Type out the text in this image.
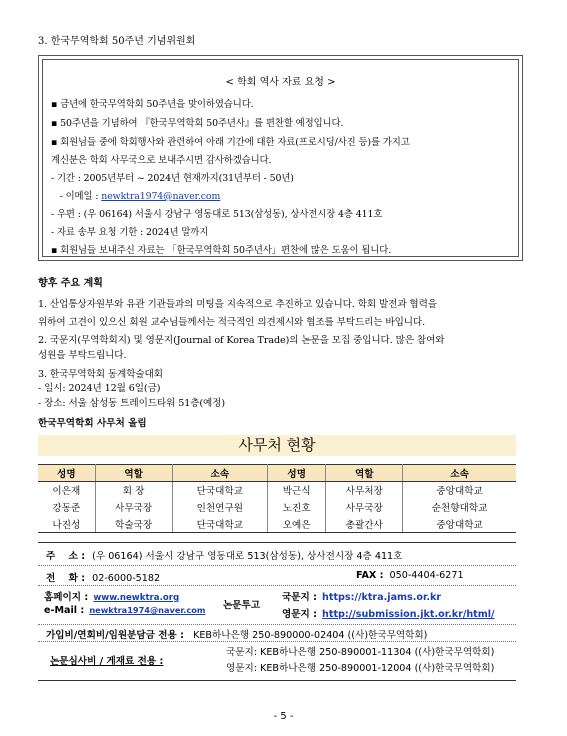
3. 한국무역학회 50주년 기념위원회
< 학회 역사 자료 요청 >
▪ 금년에 한국무역학회 50주년을 맞이하였습니다.
▪ 50주년을 기념하여 『한국무역학회 50주년사』를 편찬할 예정입니다.
▪ 회원님들 중에 학회행사와 관련하여 아래 기간에 대한 자료(프로시딩/사진 등)를 가지고
계신분은 학회 사무국으로 보내주시면 감사하겠습니다.
- 기간 : 2005년부터 ~ 2024년 현재까지(31년부터 - 50년)
- 이메일 : newktra1974@naver.com
- 우편 : (우 06164) 서울시 강남구 영동대로 513(삼성동), 상사전시장 4층 411호
- 자료 송부 요청 기한 : 2024년 말까지
▪ 회원님들 보내주신 자료는 「한국무역학회 50주년사」편찬에 많은 도움이 됩니다.
향후 주요 계획
1. 산업통상자원부와 유관 기관들과의 미팅을 지속적으로 추진하고 있습니다. 학회 발전과 협력을
위하여 고견이 있으신 회원 교수님들께서는 적극적인 의견제시와 협조를 부탁드리는 바입니다.
2. 국문지(무역학회지) 및 영문지(Journal of Korea Trade)의 논문을 모집 중입니다. 많은 참여와
성원을 부탁드립니다.
3. 한국무역학회 동계학술대회
- 일시: 2024년 12월 6일(금)
- 장소: 서울 삼성동 트레이드타워 51층(예정)
한국무역학회 사무처 올림
사무처 현황
성명	역할	소속	성명	역할	소속
이은재	회 장	단국대학교	박근식	사무처장	중앙대학교
강동준	사무국장	인천연구원	노진호	사무국장	순천향대학교
나진성	학술국장	단국대학교	오예은	총괄간사	중앙대학교
주    소 : (우 06164) 서울시 강남구 영동대로 513(삼성동), 상사전시장 4층 411호
전    화 : 02-6000-5182	FAX : 050-4404-6271
홈페이지 : www.newktra.org
e-Mail : newktra1974@naver.com 논문투고
국문지 : https://ktra.jams.or.kr
영문지 : http://submission.jkt.or.kr/html/
가입비/연회비/임원분담금 전용 : KEB하나은행 250-890000-02404 ((사)한국무역학회)
논문심사비 / 게재료 전용 :
국문지: KEB하나은행 250-890001-11304 ((사)한국무역학회)
영문지: KEB하나은행 250-890001-12004 ((사)한국무역학회)
- 5 -
